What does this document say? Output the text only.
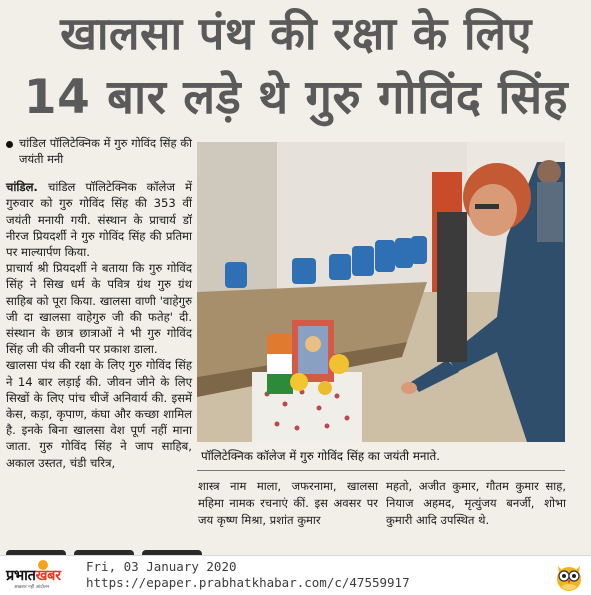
खालसा पंथ की रक्षा के लिए
14 बार लड़े थे गुरु गोविंद सिंह
चांडिल पॉलिटेक्निक में गुरु गोविंद सिंह की जयंती मनी
चांडिल. चांडिल पॉलिटेक्निक कॉलेज में गुरुवार को गुरु गोविंद सिंह की 353 वीं जयंती मनायी गयी. संस्थान के प्राचार्य डॉ नीरज प्रियदर्शी ने गुरु गोविंद सिंह की प्रतिमा पर माल्यार्पण किया.
प्राचार्य श्री प्रियदर्शी ने बताया कि गुरु गोविंद सिंह ने सिख धर्म के पवित्र ग्रंथ गुरु ग्रंथ साहिब को पूरा किया. खालसा वाणी 'वाहेगुरु जी दा खालसा वाहेगुरु जी की फतेह' दी. संस्थान के छात्र छात्राओं ने भी गुरु गोविंद सिंह जी की जीवनी पर प्रकाश डाला.
खालसा पंथ की रक्षा के लिए गुरु गोविंद सिंह ने 14 बार लड़ाई की. जीवन जीने के लिए सिखों के लिए पांच चीजें अनिवार्य की. इसमें केस, कड़ा, कृपाण, कंघा और कच्छा शामिल है. इनके बिना खालसा वेश पूर्ण नहीं माना जाता. गुरु गोविंद सिंह ने जाप साहिब, अकाल उस्तत, चंडी चरित्र,	पॉलिटेक्निक कॉलेज में गुरु गोविंद सिंह का जयंती मनाते.
शास्त्र नाम माला, जफरनामा, खालसा महिमा नामक रचनाएं कीं. इस अवसर पर जय कृष्ण मिश्रा, प्रशांत कुमार
महतो, अजीत कुमार, गौतम कुमार साह, नियाज अहमद, मृत्युंजय बनर्जी, शोभा कुमारी आदि उपस्थित थे.
प्रभातखबर
अखबार नहीं आंदोलन
Fri, 03 January 2020
https://epaper.prabhatkhabar.com/c/47559917
